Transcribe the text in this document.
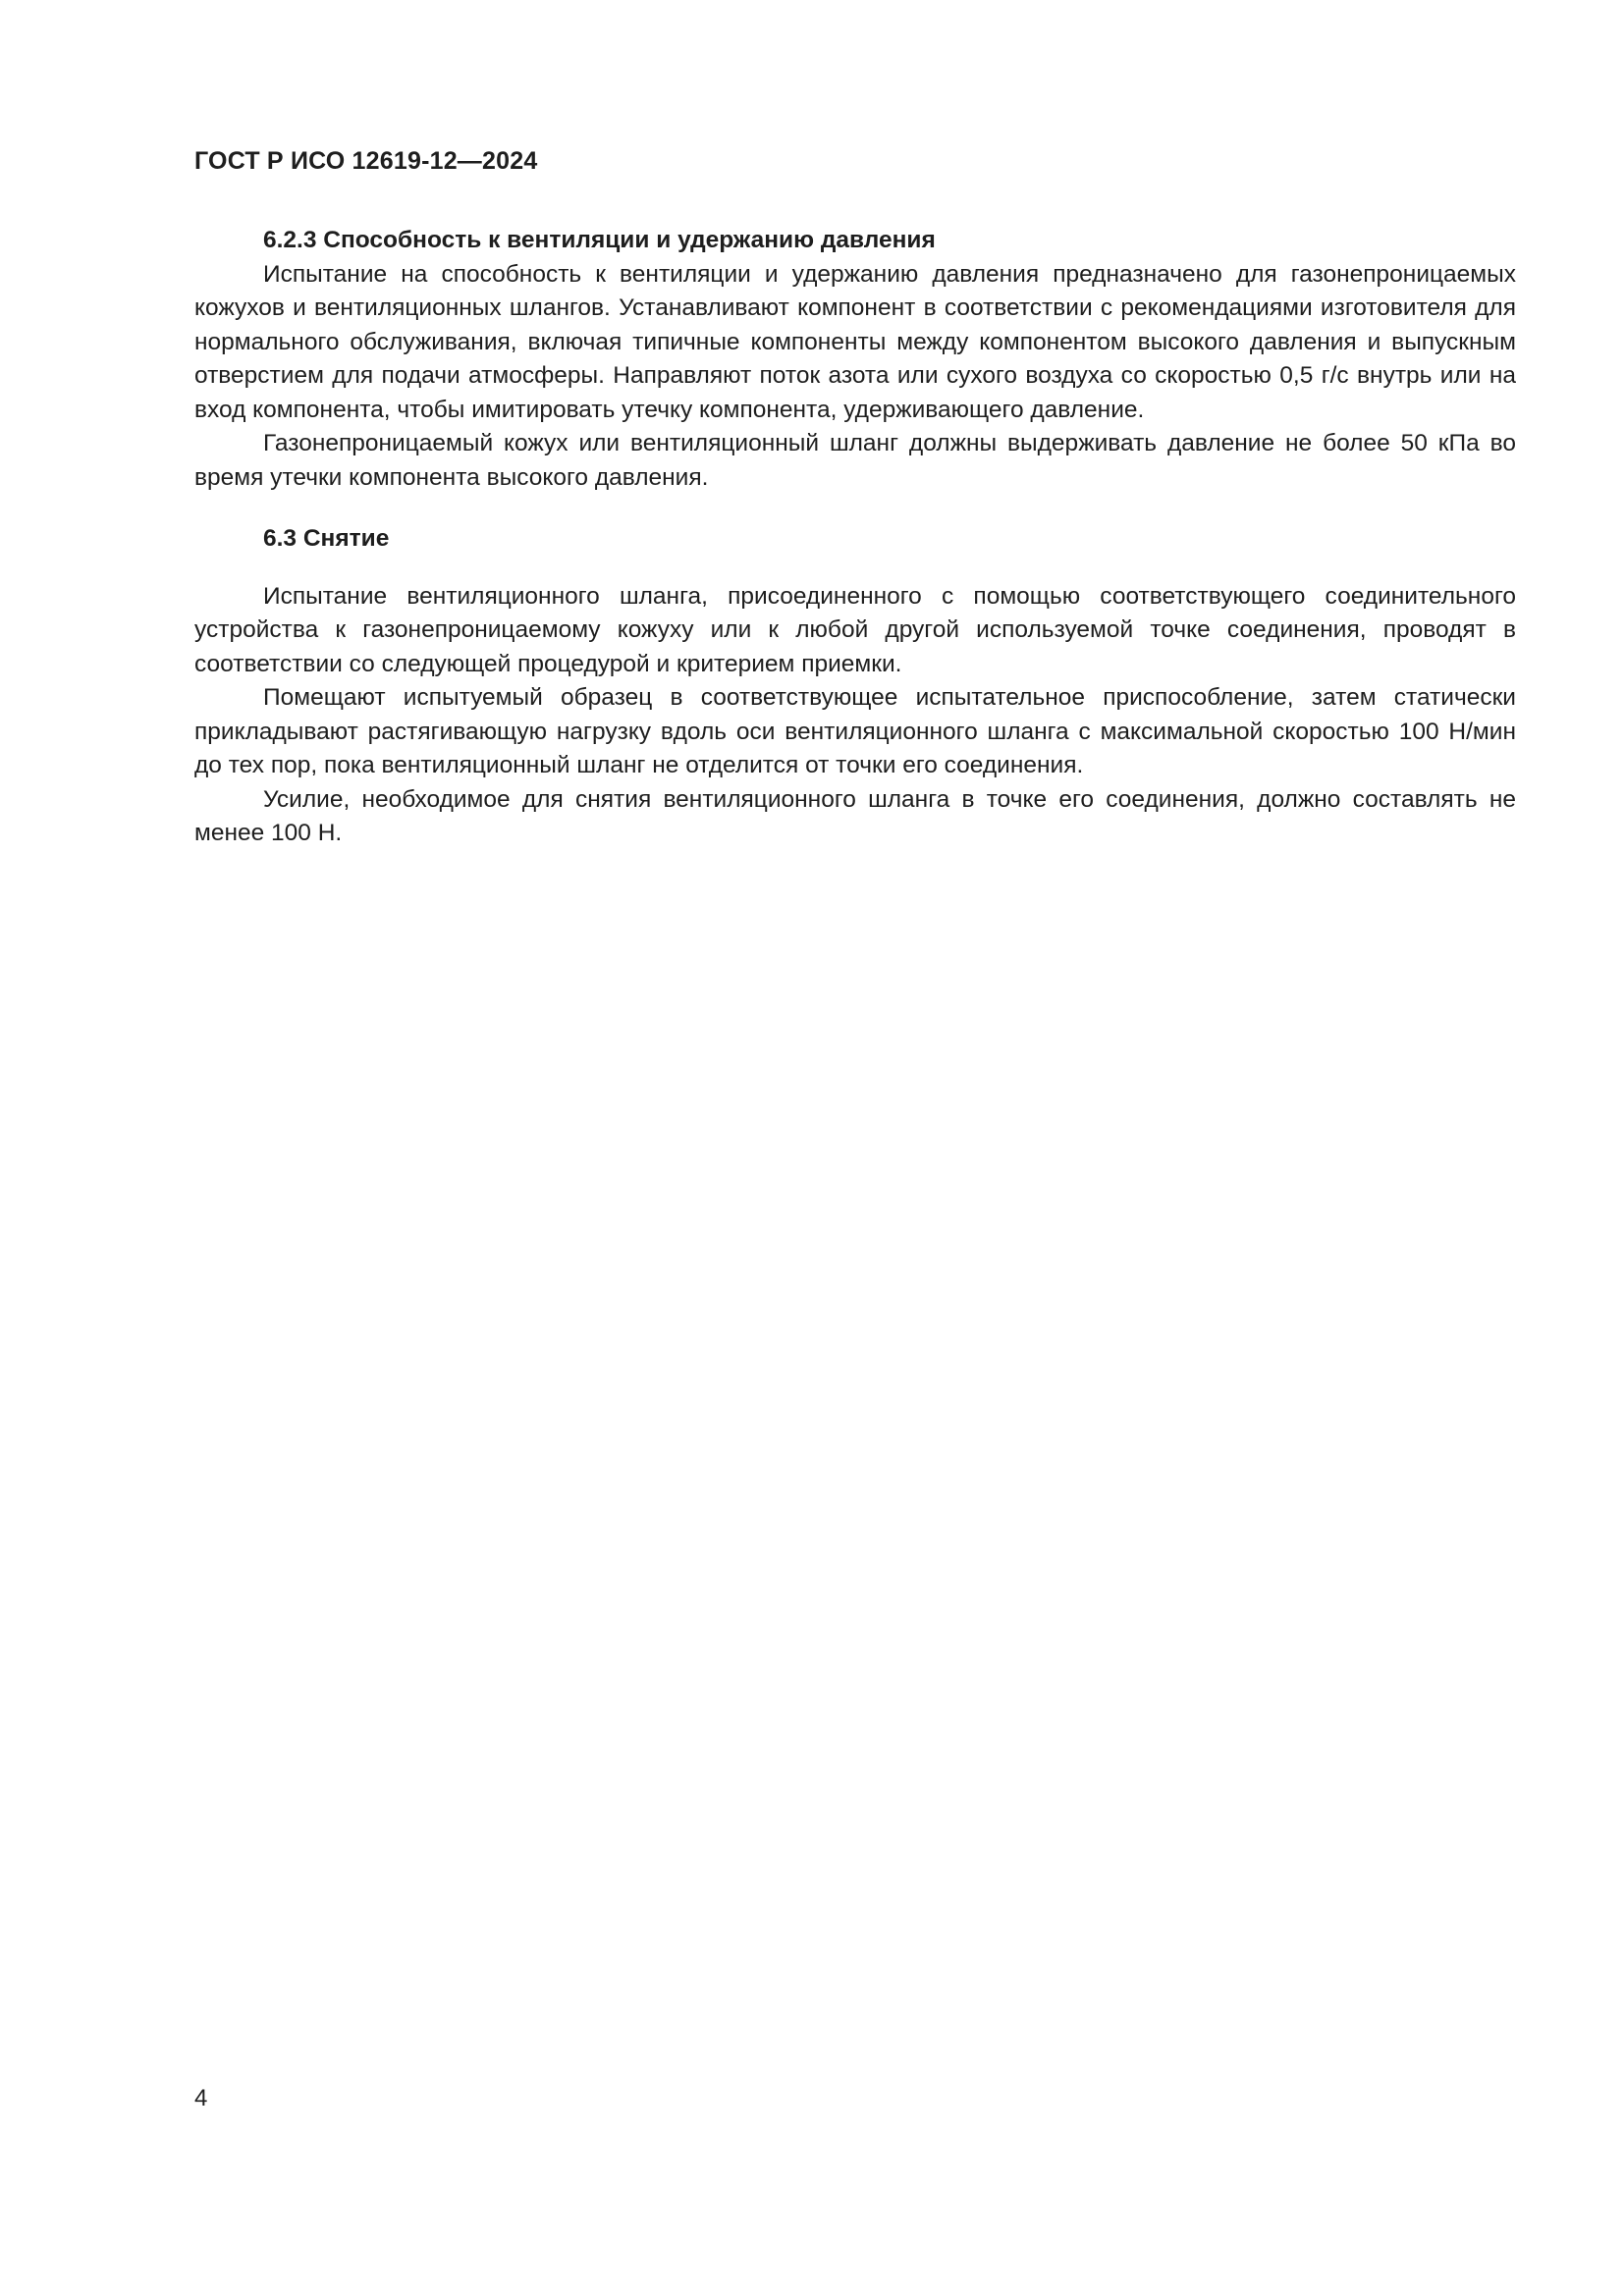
ГОСТ Р ИСО 12619-12—2024

6.2.3 Способность к вентиляции и удержанию давления

Испытание на способность к вентиляции и удержанию давления предназначено для газонепроницаемых кожухов и вентиляционных шлангов. Устанавливают компонент в соответствии с рекомендациями изготовителя для нормального обслуживания, включая типичные компоненты между компонентом высокого давления и выпускным отверстием для подачи атмосферы. Направляют поток азота или сухого воздуха со скоростью 0,5 г/с внутрь или на вход компонента, чтобы имитировать утечку компонента, удерживающего давление.

Газонепроницаемый кожух или вентиляционный шланг должны выдерживать давление не более 50 кПа во время утечки компонента высокого давления.

6.3 Снятие

Испытание вентиляционного шланга, присоединенного с помощью соответствующего соединительного устройства к газонепроницаемому кожуху или к любой другой используемой точке соединения, проводят в соответствии со следующей процедурой и критерием приемки.

Помещают испытуемый образец в соответствующее испытательное приспособление, затем статически прикладывают растягивающую нагрузку вдоль оси вентиляционного шланга с максимальной скоростью 100 Н/мин до тех пор, пока вентиляционный шланг не отделится от точки его соединения.

Усилие, необходимое для снятия вентиляционного шланга в точке его соединения, должно составлять не менее 100 Н.

4
